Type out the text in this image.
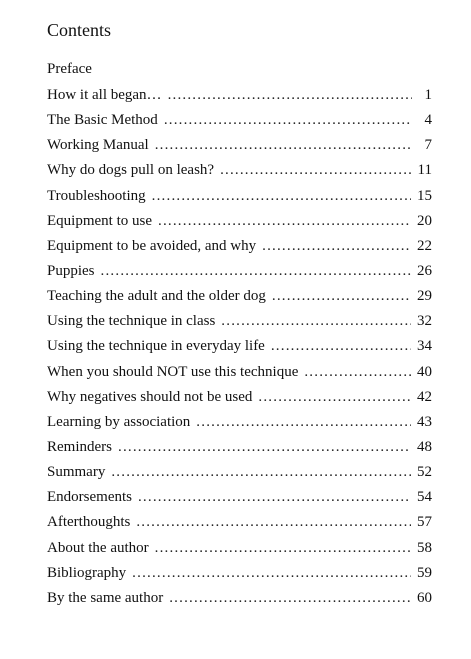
Contents
Preface
How it all began… .....	1
The Basic Method .....	4
Working Manual .....	7
Why do dogs pull on leash? .....	11
Troubleshooting .....	15
Equipment to use .....	20
Equipment to be avoided, and why .....	22
Puppies .....	26
Teaching the adult and the older dog .....	29
Using the technique in class .....	32
Using the technique in everyday life .....	34
When you should NOT use this technique .....	40
Why negatives should not be used .....	42
Learning by association .....	43
Reminders .....	48
Summary .....	52
Endorsements .....	54
Afterthoughts .....	57
About the author .....	58
Bibliography .....	59
By the same author .....	60
